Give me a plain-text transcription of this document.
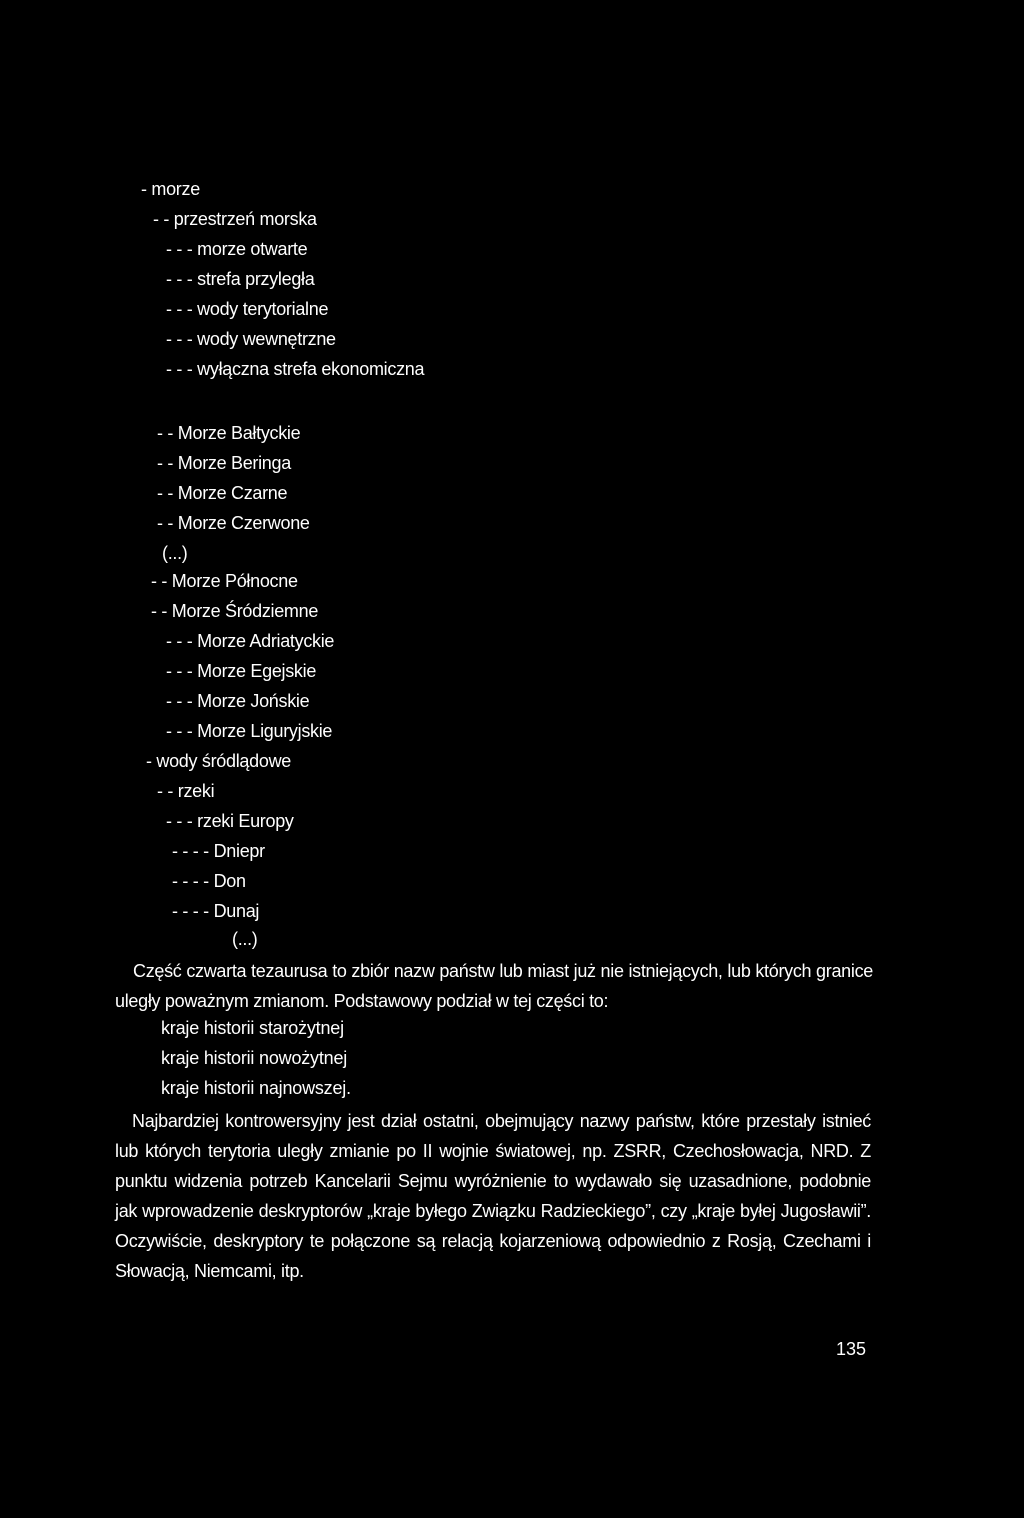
- morze
- - przestrzeń morska
- - - morze otwarte
- - - strefa przyległa
- - - wody terytorialne
- - - wody wewnętrzne
- - - wyłączna strefa ekonomiczna
- - Morze Bałtyckie
- - Morze Beringa
- - Morze Czarne
- - Morze Czerwone
(...)
- - Morze Północne
- - Morze Śródziemne
- - - Morze Adriatyckie
- - - Morze Egejskie
- - - Morze Jońskie
- - - Morze Liguryjskie
- wody śródlądowe
- - rzeki
- - - rzeki Europy
- - - - Dniepr
- - - - Don
- - - - Dunaj
(...)
Część czwarta tezaurusa to zbiór nazw państw lub miast już nie istniejących, lub których granice uległy poważnym zmianom. Podstawowy podział w tej części to:
kraje historii starożytnej
kraje historii nowożytnej
kraje historii najnowszej.
Najbardziej kontrowersyjny jest dział ostatni, obejmujący nazwy państw, które przestały istnieć lub których terytoria uległy zmianie po II wojnie światowej, np. ZSRR, Czechosłowacja, NRD. Z punktu widzenia potrzeb Kancelarii Sejmu wyróżnienie to wydawało się uzasadnione, podobnie jak wprowadzenie deskryptorów „kraje byłego Związku Radzieckiego”, czy „kraje byłej Jugosławii”. Oczywiście, deskryptory te połączone są relacją kojarzeniową odpowiednio z Rosją, Czechami i Słowacją, Niemcami, itp.
135
